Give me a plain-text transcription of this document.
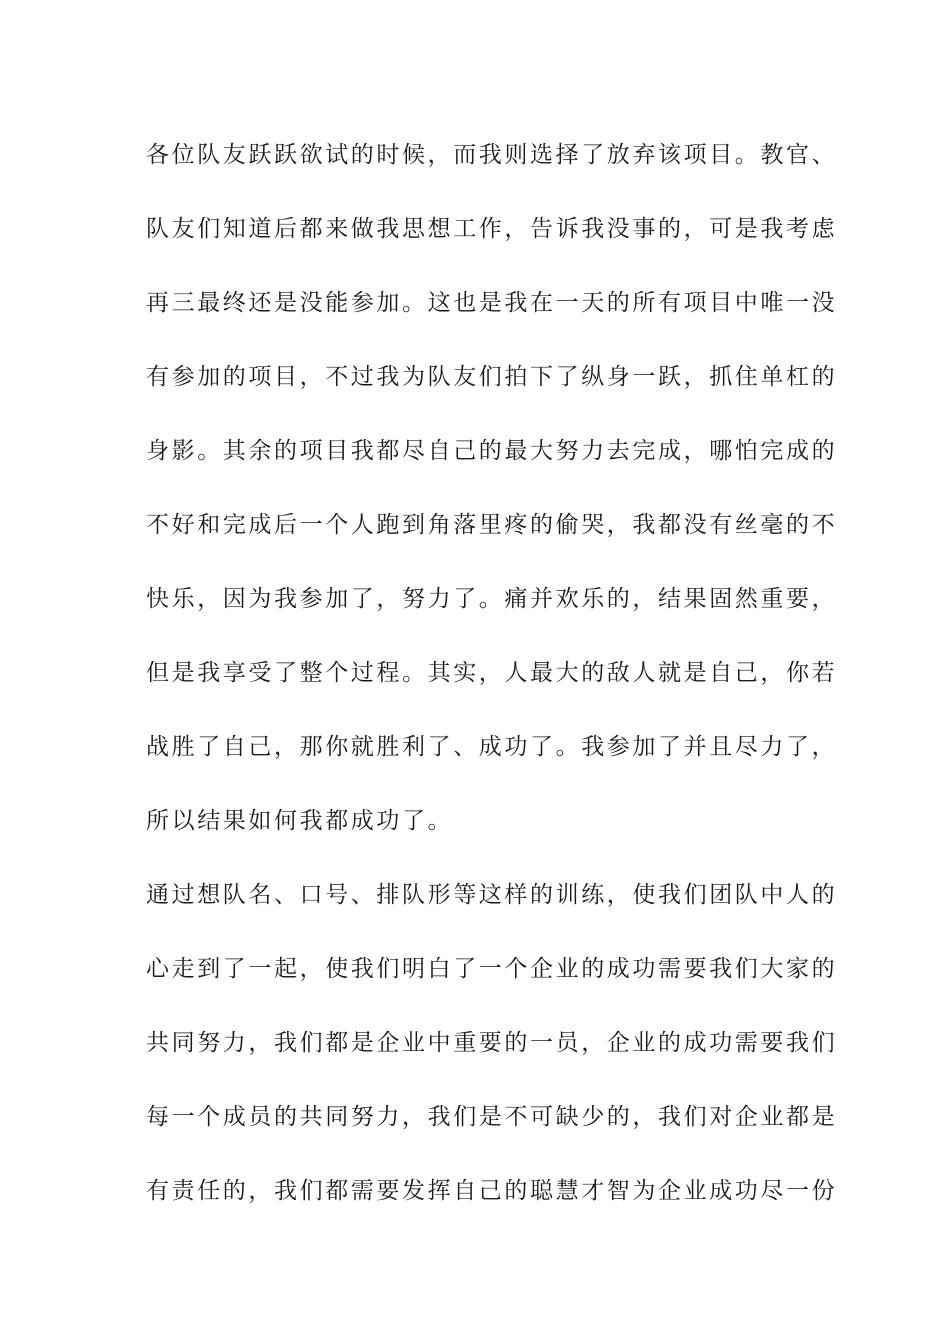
各位队友跃跃欲试的时候，而我则选择了放弃该项目。教官、
队友们知道后都来做我思想工作，告诉我没事的，可是我考虑
再三最终还是没能参加。这也是我在一天的所有项目中唯一没
有参加的项目，不过我为队友们拍下了纵身一跃，抓住单杠的
身影。其余的项目我都尽自己的最大努力去完成，哪怕完成的
不好和完成后一个人跑到角落里疼的偷哭，我都没有丝毫的不
快乐，因为我参加了，努力了。痛并欢乐的，结果固然重要，
但是我享受了整个过程。其实，人最大的敌人就是自己，你若
战胜了自己，那你就胜利了、成功了。我参加了并且尽力了，
所以结果如何我都成功了。
通过想队名、口号、排队形等这样的训练，使我们团队中人的
心走到了一起，使我们明白了一个企业的成功需要我们大家的
共同努力，我们都是企业中重要的一员，企业的成功需要我们
每一个成员的共同努力，我们是不可缺少的，我们对企业都是
有责任的，我们都需要发挥自己的聪慧才智为企业成功尽一份
